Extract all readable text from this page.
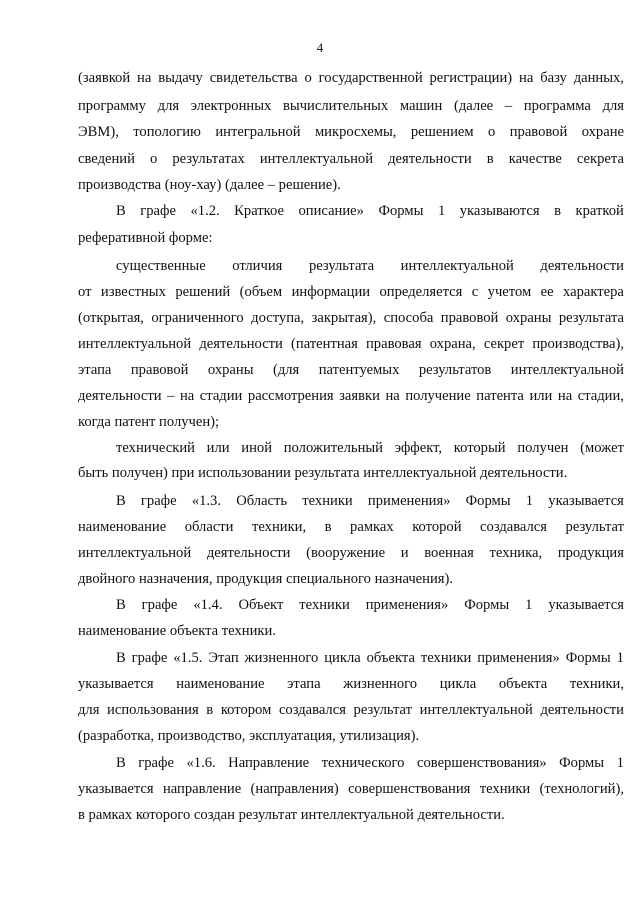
4
(заявкой на выдачу свидетельства о государственной регистрации) на базу данных,
программу для электронных вычислительных машин (далее – программа для
ЭВМ), топологию интегральной микросхемы, решением о правовой охране
сведений о результатах интеллектуальной деятельности в качестве секрета
производства (ноу-хау) (далее – решение).
В графе «1.2. Краткое описание» Формы 1 указываются в краткой
реферативной форме:
существенные отличия результата интеллектуальной деятельности
от известных решений (объем информации определяется с учетом ее характера
(открытая, ограниченного доступа, закрытая), способа правовой охраны результата
интеллектуальной деятельности (патентная правовая охрана, секрет производства),
этапа правовой охраны (для патентуемых результатов интеллектуальной
деятельности – на стадии рассмотрения заявки на получение патента или на стадии,
когда патент получен);
технический или иной положительный эффект, который получен (может
быть получен) при использовании результата интеллектуальной деятельности.
В графе «1.3. Область техники применения» Формы 1 указывается
наименование области техники, в рамках которой создавался результат
интеллектуальной деятельности (вооружение и военная техника, продукция
двойного назначения, продукция специального назначения).
В графе «1.4. Объект техники применения» Формы 1 указывается
наименование объекта техники.
В графе «1.5. Этап жизненного цикла объекта техники применения» Формы 1
указывается наименование этапа жизненного цикла объекта техники,
для использования в котором создавался результат интеллектуальной деятельности
(разработка, производство, эксплуатация, утилизация).
В графе «1.6. Направление технического совершенствования» Формы 1
указывается направление (направления) совершенствования техники (технологий),
в рамках которого создан результат интеллектуальной деятельности.
